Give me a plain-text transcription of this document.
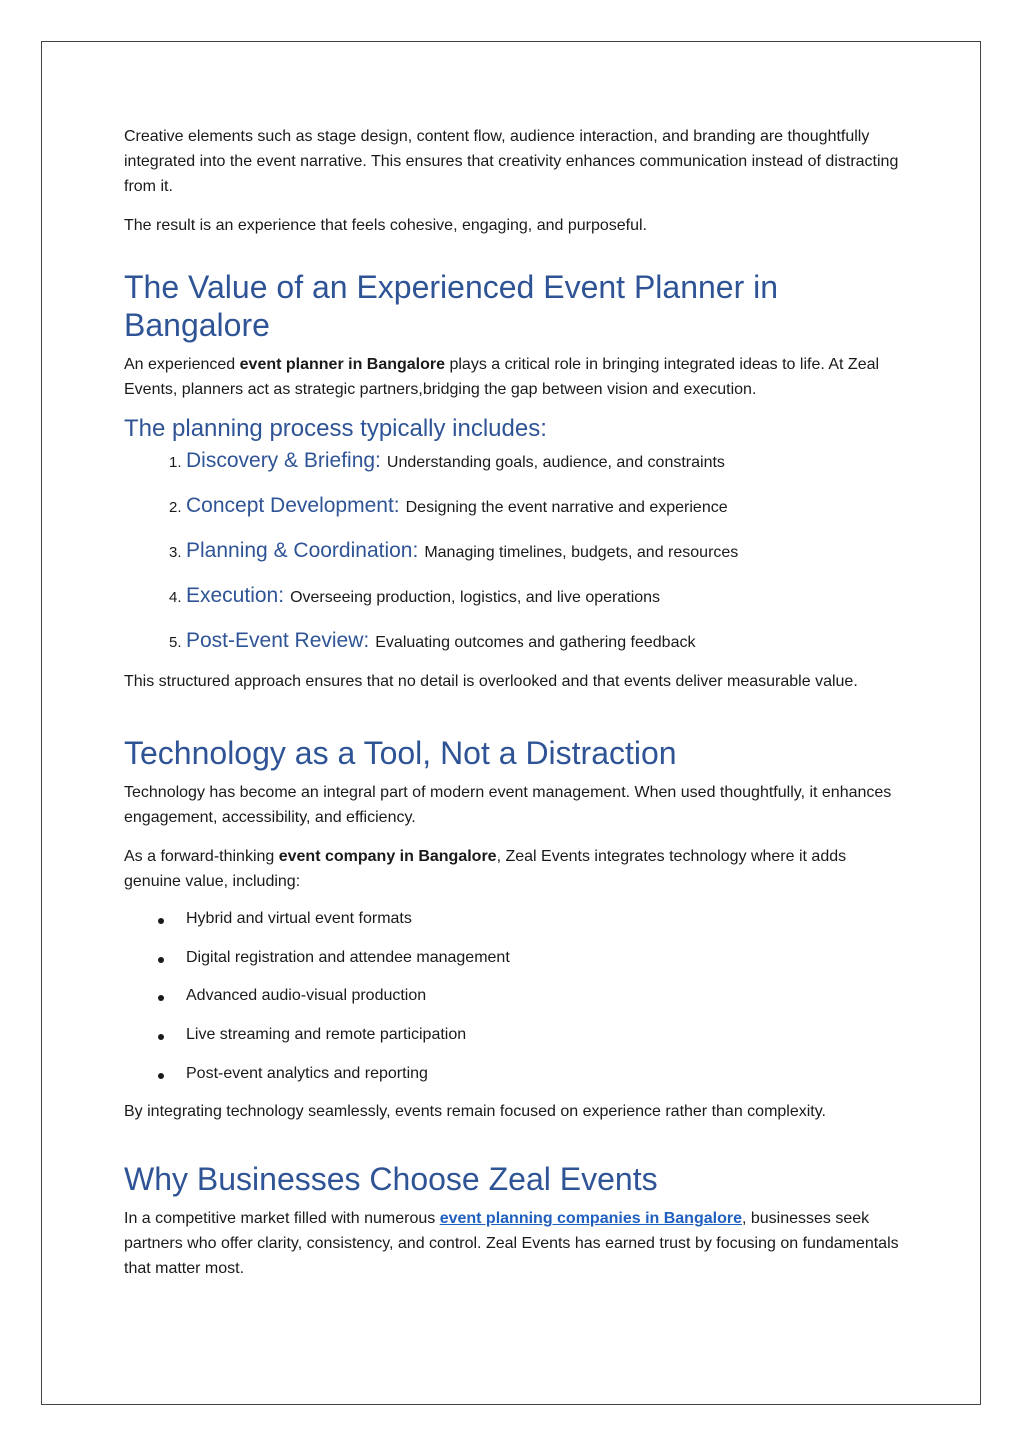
Creative elements such as stage design, content flow, audience interaction, and branding are thoughtfully integrated into the event narrative. This ensures that creativity enhances communication instead of distracting from it.

The result is an experience that feels cohesive, engaging, and purposeful.

The Value of an Experienced Event Planner in Bangalore

An experienced event planner in Bangalore plays a critical role in bringing integrated ideas to life. At Zeal Events, planners act as strategic partners,bridging the gap between vision and execution.

The planning process typically includes:
1. Discovery & Briefing: Understanding goals, audience, and constraints
2. Concept Development: Designing the event narrative and experience
3. Planning & Coordination: Managing timelines, budgets, and resources
4. Execution: Overseeing production, logistics, and live operations
5. Post-Event Review: Evaluating outcomes and gathering feedback

This structured approach ensures that no detail is overlooked and that events deliver measurable value.

Technology as a Tool, Not a Distraction

Technology has become an integral part of modern event management. When used thoughtfully, it enhances engagement, accessibility, and efficiency.

As a forward-thinking event company in Bangalore, Zeal Events integrates technology where it adds genuine value, including:

Hybrid and virtual event formats
Digital registration and attendee management
Advanced audio-visual production
Live streaming and remote participation
Post-event analytics and reporting

By integrating technology seamlessly, events remain focused on experience rather than complexity.

Why Businesses Choose Zeal Events

In a competitive market filled with numerous event planning companies in Bangalore, businesses seek partners who offer clarity, consistency, and control. Zeal Events has earned trust by focusing on fundamentals that matter most.
